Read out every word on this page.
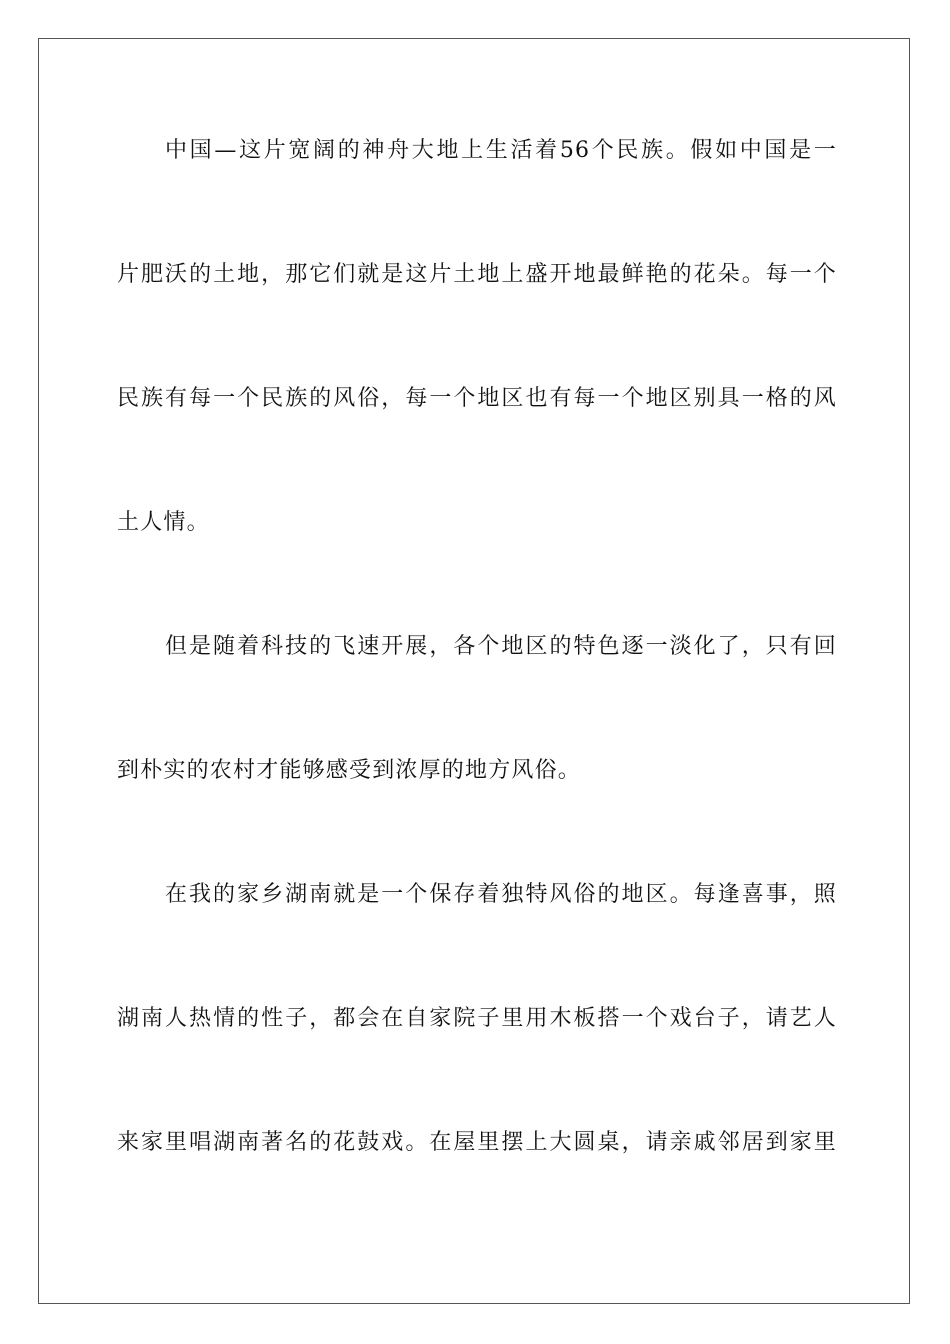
中国—这片宽阔的神舟大地上生活着56个民族。假如中国是一
片肥沃的土地，那它们就是这片土地上盛开地最鲜艳的花朵。每一个
民族有每一个民族的风俗，每一个地区也有每一个地区别具一格的风
土人情。
但是随着科技的飞速开展，各个地区的特色逐一淡化了，只有回
到朴实的农村才能够感受到浓厚的地方风俗。
在我的家乡湖南就是一个保存着独特风俗的地区。每逢喜事，照
湖南人热情的性子，都会在自家院子里用木板搭一个戏台子，请艺人
来家里唱湖南著名的花鼓戏。在屋里摆上大圆桌，请亲戚邻居到家里
